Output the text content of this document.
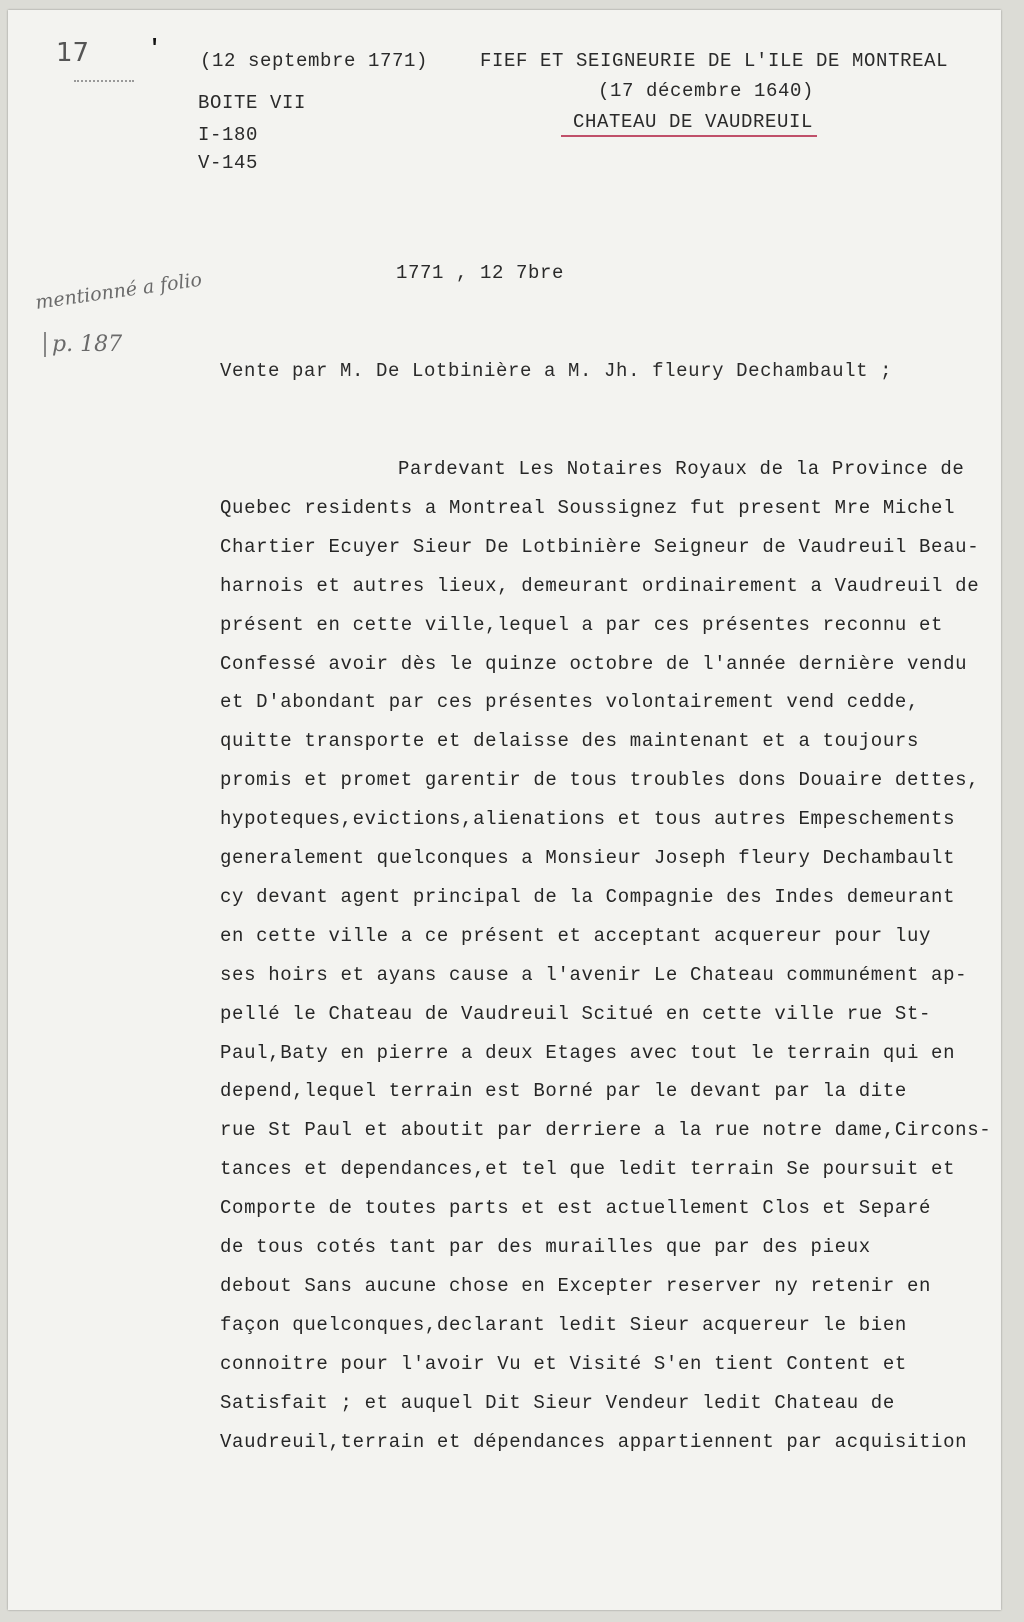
17	'
mentionné a folio
p. 187
(12 septembre 1771)
BOITE VII
I-180
V-145
FIEF ET SEIGNEURIE DE L'ILE DE MONTREAL
(17 décembre 1640)
CHATEAU DE VAUDREUIL
1771 , 12 7bre
Vente par M. De Lotbinière a M. Jh. fleury Dechambault ;
Pardevant Les Notaires Royaux de la Province de
Quebec residents a Montreal Soussignez fut present Mre Michel
Chartier Ecuyer Sieur De Lotbinière Seigneur de Vaudreuil Beau-
harnois et autres lieux, demeurant ordinairement a Vaudreuil de
présent en cette ville,lequel a par ces présentes reconnu et
Confessé avoir dès le quinze octobre de l'année dernière vendu
et D'abondant par ces présentes volontairement vend cedde,
quitte transporte et delaisse des maintenant et a toujours
promis et promet garentir de tous troubles dons Douaire dettes,
hypoteques,evictions,alienations et tous autres Empeschements
generalement quelconques a Monsieur Joseph fleury Dechambault
cy devant agent principal de la Compagnie des Indes demeurant
en cette ville a ce présent et acceptant acquereur pour luy
ses hoirs et ayans cause a l'avenir Le Chateau communément ap-
pellé le Chateau de Vaudreuil Scitué en cette ville rue St-
Paul,Baty en pierre a deux Etages avec tout le terrain qui en
depend,lequel terrain est Borné par le devant par la dite
rue St Paul et aboutit par derriere a la rue notre dame,Circons-
tances et dependances,et tel que ledit terrain Se poursuit et
Comporte de toutes parts et est actuellement Clos et Separé
de tous cotés tant par des murailles que par des pieux
debout Sans aucune chose en Excepter reserver ny retenir en
façon quelconques,declarant ledit Sieur acquereur le bien
connoitre pour l'avoir Vu et Visité S'en tient Content et
Satisfait ; et auquel Dit Sieur Vendeur ledit Chateau de
Vaudreuil,terrain et dépendances appartiennent par acquisition
